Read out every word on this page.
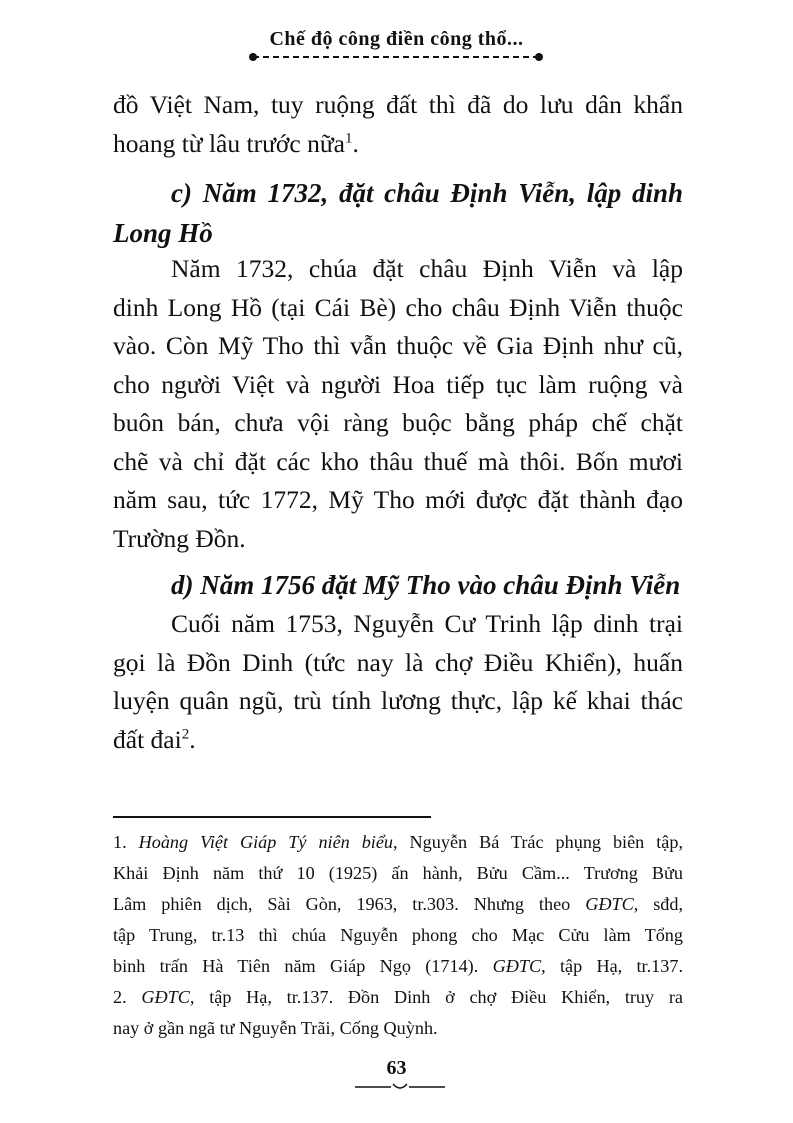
Chế độ công điền công thổ...
đồ Việt Nam, tuy ruộng đất thì đã do lưu dân khẩn
hoang từ lâu trước nữa$^1$.
c) Năm 1732, đặt châu Định Viễn, lập dinh
Long Hồ
Năm 1732, chúa đặt châu Định Viễn và lập
dinh Long Hồ (tại Cái Bè) cho châu Định Viễn thuộc
vào. Còn Mỹ Tho thì vẫn thuộc về Gia Định như cũ,
cho người Việt và người Hoa tiếp tục làm ruộng và
buôn bán, chưa vội ràng buộc bằng pháp chế chặt
chẽ và chỉ đặt các kho thâu thuế mà thôi. Bốn mươi
năm sau, tức 1772, Mỹ Tho mới được đặt thành đạo
Trường Đồn.
d) Năm 1756 đặt Mỹ Tho vào châu Định Viễn
Cuối năm 1753, Nguyễn Cư Trinh lập dinh trại
gọi là Đồn Dinh (tức nay là chợ Điều Khiển), huấn
luyện quân ngũ, trù tính lương thực, lập kế khai thác
đất đai$^2$.
1. Hoàng Việt Giáp Tý niên biểu, Nguyễn Bá Trác phụng biên tập,
Khải Định năm thứ 10 (1925) ấn hành, Bửu Cầm... Trương Bửu
Lâm phiên dịch, Sài Gòn, 1963, tr.303. Nhưng theo GĐTC, sđd,
tập Trung, tr.13 thì chúa Nguyễn phong cho Mạc Cửu làm Tổng
binh trấn Hà Tiên năm Giáp Ngọ (1714). GĐTC, tập Hạ, tr.137.
2. GĐTC, tập Hạ, tr.137. Đồn Dinh ở chợ Điều Khiển, truy ra
nay ở gần ngã tư Nguyễn Trãi, Cống Quỳnh.
63
